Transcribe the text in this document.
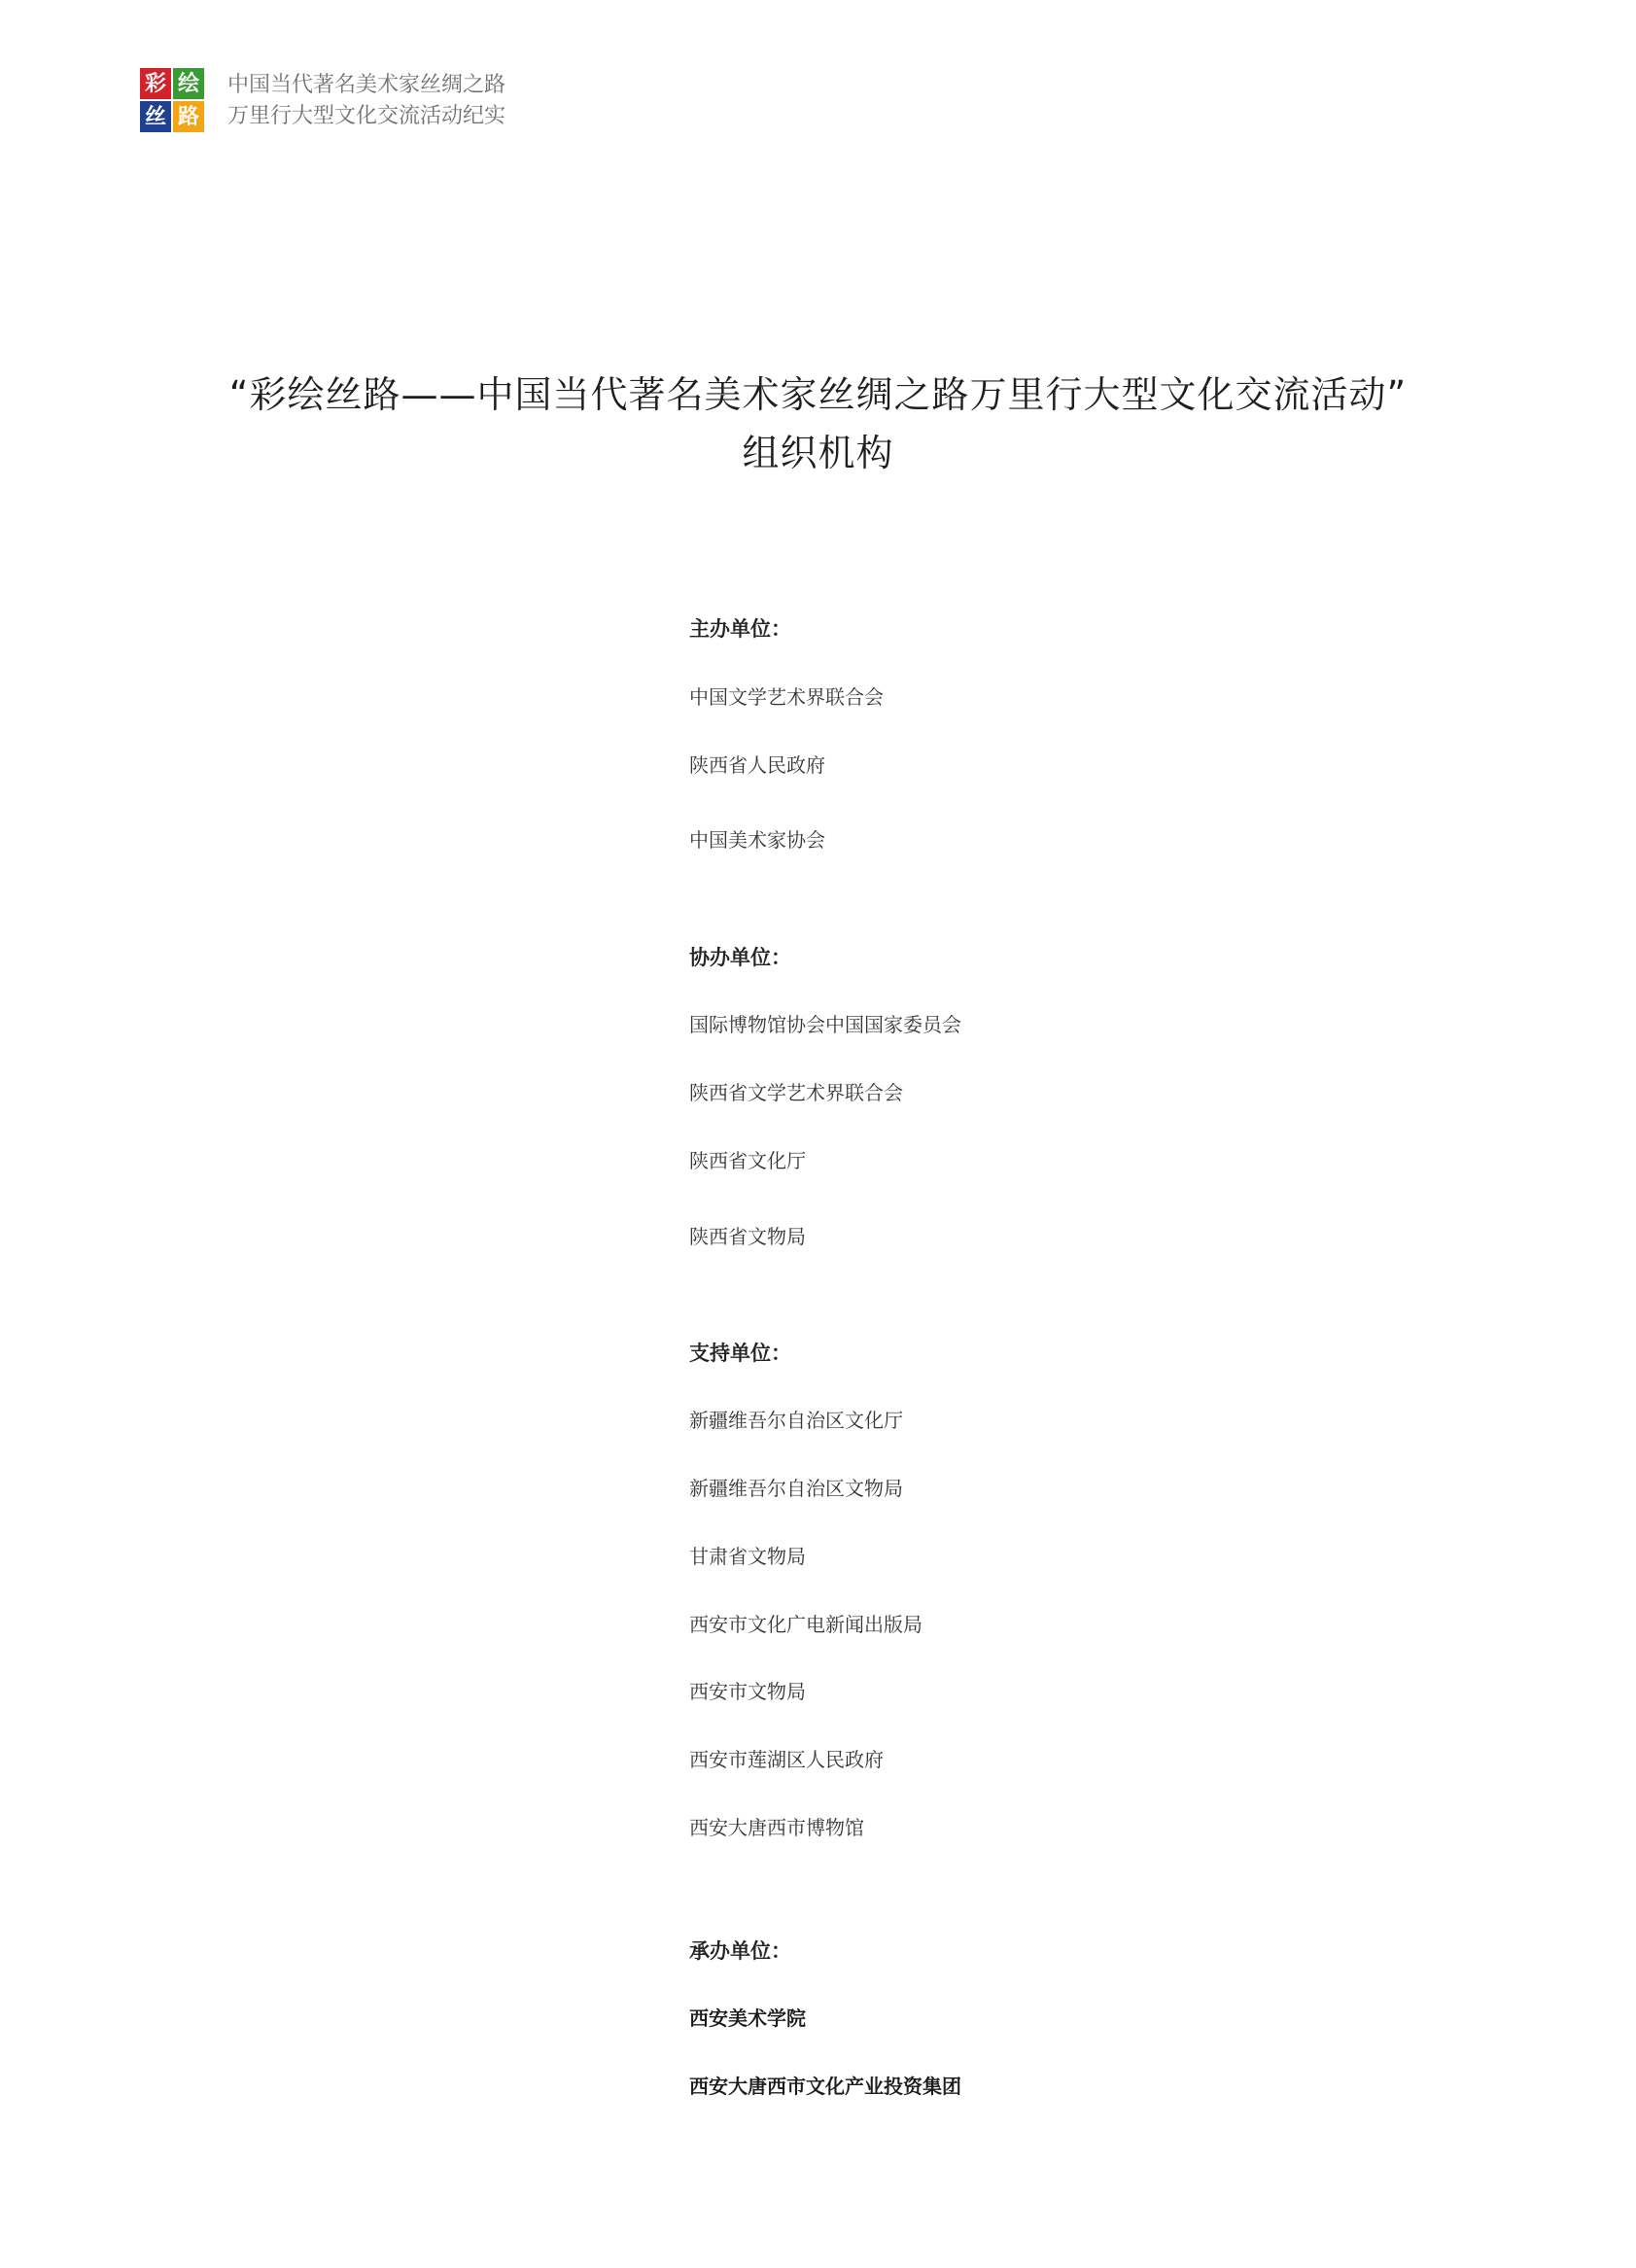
彩 绘
丝 路
中国当代著名美术家丝绸之路
万里行大型文化交流活动纪实
“彩绘丝路——中国当代著名美术家丝绸之路万里行大型文化交流活动”
组织机构
主办单位：
中国文学艺术界联合会
陕西省人民政府
中国美术家协会
协办单位：
国际博物馆协会中国国家委员会
陕西省文学艺术界联合会
陕西省文化厅
陕西省文物局
支持单位：
新疆维吾尔自治区文化厅
新疆维吾尔自治区文物局
甘肃省文物局
西安市文化广电新闻出版局
西安市文物局
西安市莲湖区人民政府
西安大唐西市博物馆
承办单位：
西安美术学院
西安大唐西市文化产业投资集团
